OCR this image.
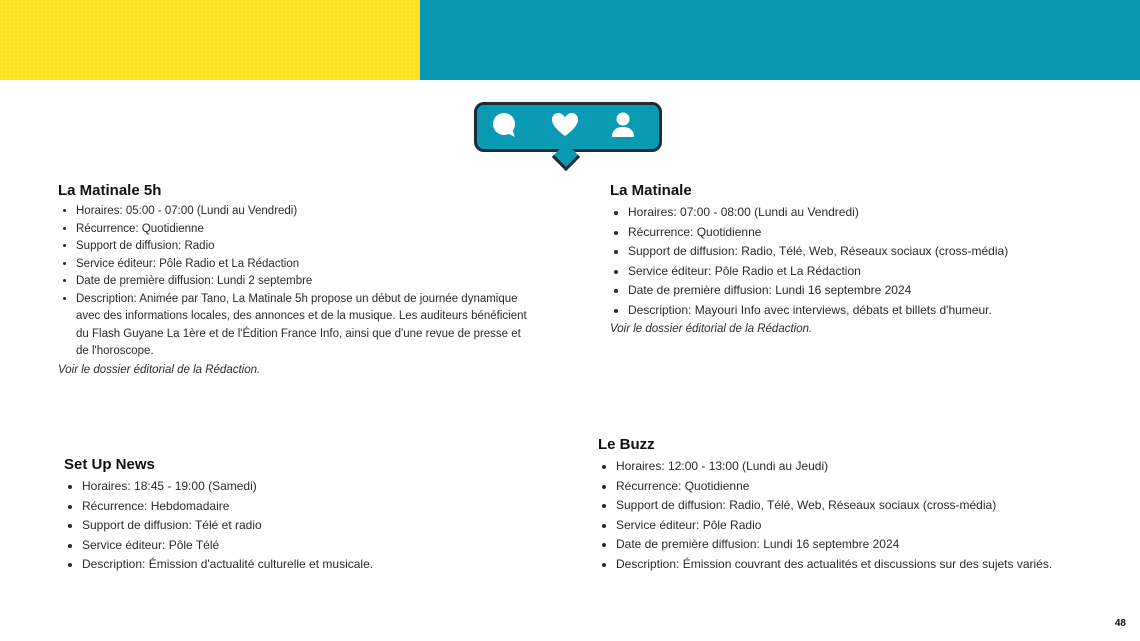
La Matinale 5h
• Horaires: 05:00 - 07:00 (Lundi au Vendredi)
• Récurrence: Quotidienne
• Support de diffusion: Radio
• Service éditeur: Pôle Radio et La Rédaction
• Date de première diffusion: Lundi 2 septembre
• Description: Animée par Tano, La Matinale 5h propose un début de journée dynamique avec des informations locales, des annonces et de la musique. Les auditeurs bénéficient du Flash Guyane La 1ère et de l'Édition France Info, ainsi que d'une revue de presse et de l'horoscope.
Voir le dossier éditorial de la Rédaction.
La Matinale
• Horaires: 07:00 - 08:00 (Lundi au Vendredi)
• Récurrence: Quotidienne
• Support de diffusion: Radio, Télé, Web, Réseaux sociaux (cross-média)
• Service éditeur: Pôle Radio et La Rédaction
• Date de première diffusion: Lundi 16 septembre 2024
• Description: Mayouri Info avec interviews, débats et billets d'humeur.
Voir le dossier éditorial de la Rédaction.
Set Up News
• Horaires: 18:45 - 19:00 (Samedi)
• Récurrence: Hebdomadaire
• Support de diffusion: Télé et radio
• Service éditeur: Pôle Télé
• Description: Émission d'actualité culturelle et musicale.
Le Buzz
• Horaires: 12:00 - 13:00 (Lundi au Jeudi)
• Récurrence: Quotidienne
• Support de diffusion: Radio, Télé, Web, Réseaux sociaux (cross-média)
• Service éditeur: Pôle Radio
• Date de première diffusion: Lundi 16 septembre 2024
• Description: Émission couvrant des actualités et discussions sur des sujets variés.
48
